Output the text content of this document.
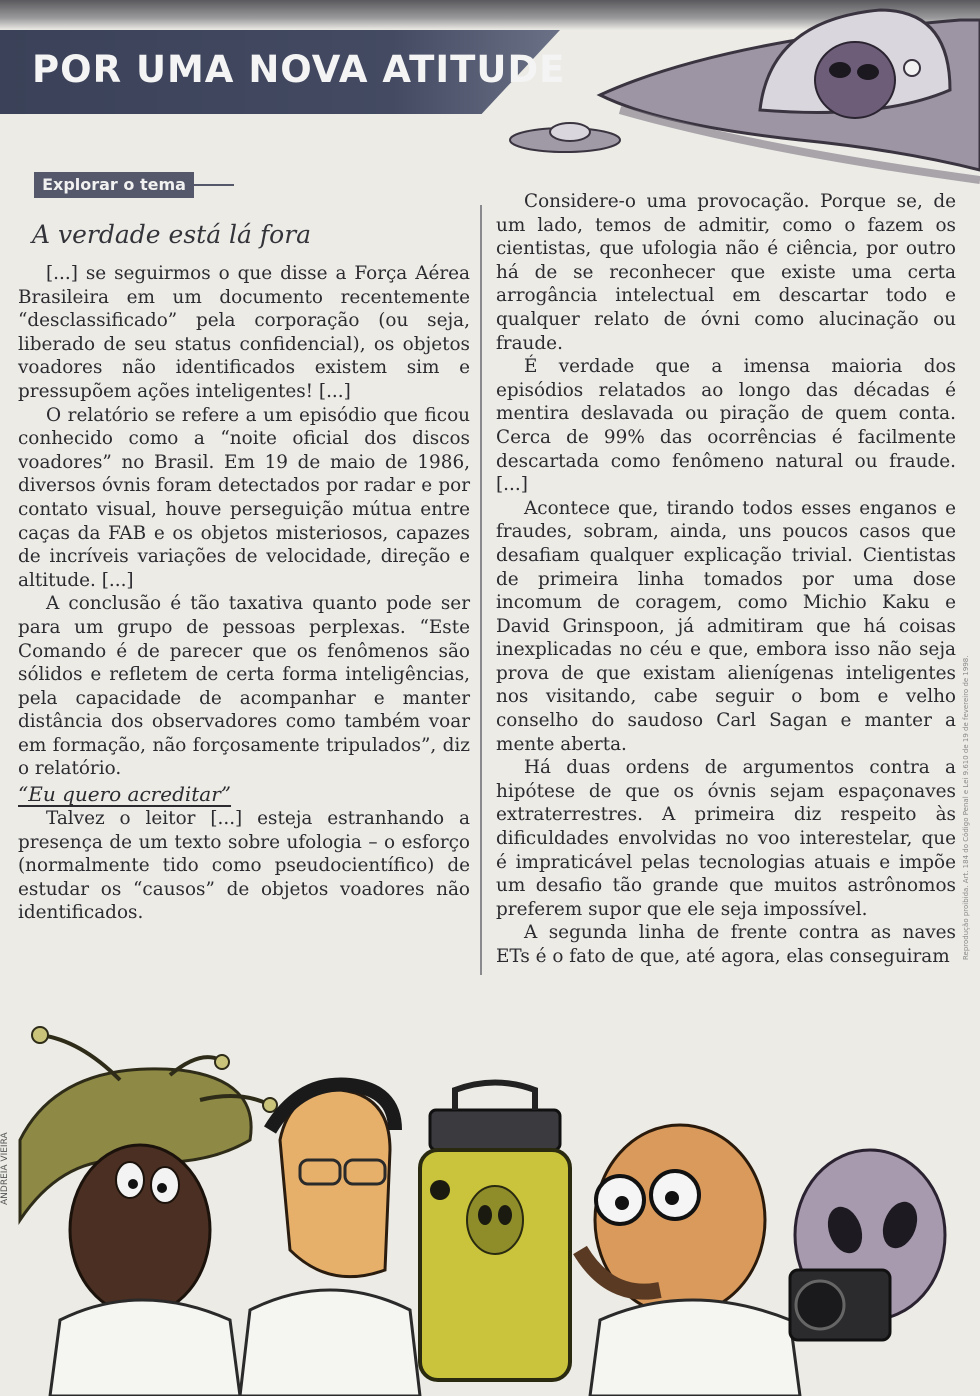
POR UMA NOVA ATITUDE
Explorar o tema
A verdade está lá fora

[...] se seguirmos o que disse a Força Aérea Brasileira em um documento recentemente “desclassificado” pela corporação (ou seja, liberado de seu status confidencial), os objetos voadores não identificados existem sim e pressupõem ações inteligentes! [...]

O relatório se refere a um episódio que ficou conhecido como a “noite oficial dos discos voadores” no Brasil. Em 19 de maio de 1986, diversos óvnis foram detectados por radar e por contato visual, houve perseguição mútua entre caças da FAB e os objetos misteriosos, capazes de incríveis variações de velocidade, direção e altitude. [...]

A conclusão é tão taxativa quanto pode ser para um grupo de pessoas perplexas. “Este Comando é de parecer que os fenômenos são sólidos e refletem de certa forma inteligências, pela capacidade de acompanhar e manter distância dos observadores como também voar em formação, não forçosamente tripulados”, diz o relatório.

“Eu quero acreditar”

Talvez o leitor [...] esteja estranhando a presença de um texto sobre ufologia – o esforço (normalmente tido como pseudocientífico) de estudar os “causos” de objetos voadores não identificados.

Considere-o uma provocação. Porque se, de um lado, temos de admitir, como o fazem os cientistas, que ufologia não é ciência, por outro há de se reconhecer que existe uma certa arrogância intelectual em descartar todo e qualquer relato de óvni como alucinação ou fraude.

É verdade que a imensa maioria dos episódios relatados ao longo das décadas é mentira deslavada ou piração de quem conta. Cerca de 99% das ocorrências é facilmente descartada como fenômeno natural ou fraude. [...]

Acontece que, tirando todos esses enganos e fraudes, sobram, ainda, uns poucos casos que desafiam qualquer explicação trivial. Cientistas de primeira linha tomados por uma dose incomum de coragem, como Michio Kaku e David Grinspoon, já admitiram que há coisas inexplicadas no céu e que, embora isso não seja prova de que existam alienígenas inteligentes nos visitando, cabe seguir o bom e velho conselho do saudoso Carl Sagan e manter a mente aberta.

Há duas ordens de argumentos contra a hipótese de que os óvnis sejam espaçonaves extraterrestres. A primeira diz respeito às dificuldades envolvidas no voo interestelar, que é impraticável pelas tecnologias atuais e impõe um desafio tão grande que muitos astrônomos preferem supor que ele seja impossível.

A segunda linha de frente contra as naves ETs é o fato de que, até agora, elas conseguiram	Reprodução proibida. Art. 184 do Código Penal e Lei 9.610 de 19 de fevereiro de 1998.
ANDRÉIA VIEIRA
